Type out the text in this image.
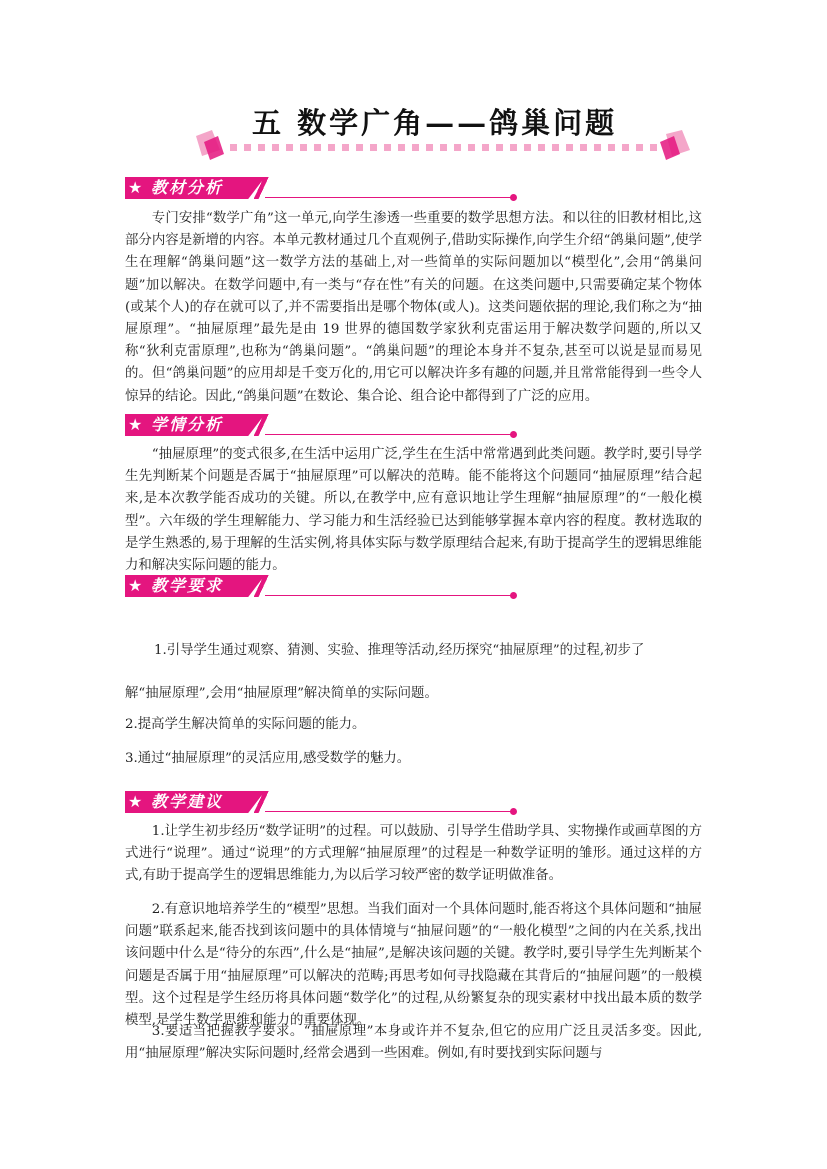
五 数学广角——鸽巢问题
★ 教材分析

专门安排“数学广角”这一单元,向学生渗透一些重要的数学思想方法。和以往的旧教材相比,这部分内容是新增的内容。本单元教材通过几个直观例子,借助实际操作,向学生介绍“鸽巢问题”,使学生在理解“鸽巢问题”这一数学方法的基础上,对一些简单的实际问题加以“模型化”,会用“鸽巢问题”加以解决。在数学问题中,有一类与“存在性”有关的问题。在这类问题中,只需要确定某个物体(或某个人)的存在就可以了,并不需要指出是哪个物体(或人)。这类问题依据的理论,我们称之为“抽屉原理”。“抽屉原理”最先是由 19 世界的德国数学家狄利克雷运用于解决数学问题的,所以又称“狄利克雷原理”,也称为“鸽巢问题”。“鸽巢问题”的理论本身并不复杂,甚至可以说是显而易见的。但“鸽巢问题”的应用却是千变万化的,用它可以解决许多有趣的问题,并且常常能得到一些令人惊异的结论。因此,“鸽巢问题”在数论、集合论、组合论中都得到了广泛的应用。

★ 学情分析

“抽屉原理”的变式很多,在生活中运用广泛,学生在生活中常常遇到此类问题。教学时,要引导学生先判断某个问题是否属于“抽屉原理”可以解决的范畴。能不能将这个问题同“抽屉原理”结合起来,是本次教学能否成功的关键。所以,在教学中,应有意识地让学生理解“抽屉原理”的“一般化模型”。六年级的学生理解能力、学习能力和生活经验已达到能够掌握本章内容的程度。教材选取的是学生熟悉的,易于理解的生活实例,将具体实际与数学原理结合起来,有助于提高学生的逻辑思维能力和解决实际问题的能力。

★ 教学要求

1.引导学生通过观察、猜测、实验、推理等活动,经历探究“抽屉原理”的过程,初步了

解“抽屉原理”,会用“抽屉原理”解决简单的实际问题。

2.提高学生解决简单的实际问题的能力。

3.通过“抽屉原理”的灵活应用,感受数学的魅力。

★ 教学建议

1.让学生初步经历“数学证明”的过程。可以鼓励、引导学生借助学具、实物操作或画草图的方式进行“说理”。通过“说理”的方式理解“抽屉原理”的过程是一种数学证明的雏形。通过这样的方式,有助于提高学生的逻辑思维能力,为以后学习较严密的数学证明做准备。

2.有意识地培养学生的“模型”思想。当我们面对一个具体问题时,能否将这个具体问题和“抽屉问题”联系起来,能否找到该问题中的具体情境与“抽屉问题”的“一般化模型”之间的内在关系,找出该问题中什么是“待分的东西”,什么是“抽屉”,是解决该问题的关键。教学时,要引导学生先判断某个问题是否属于用“抽屉原理”可以解决的范畴;再思考如何寻找隐藏在其背后的“抽屉问题”的一般模型。这个过程是学生经历将具体问题“数学化”的过程,从纷繁复杂的现实素材中找出最本质的数学模型,是学生数学思维和能力的重要体现。

3.要适当把握教学要求。“抽屉原理”本身或许并不复杂,但它的应用广泛且灵活多变。因此,用“抽屉原理”解决实际问题时,经常会遇到一些困难。例如,有时要找到实际问题与
